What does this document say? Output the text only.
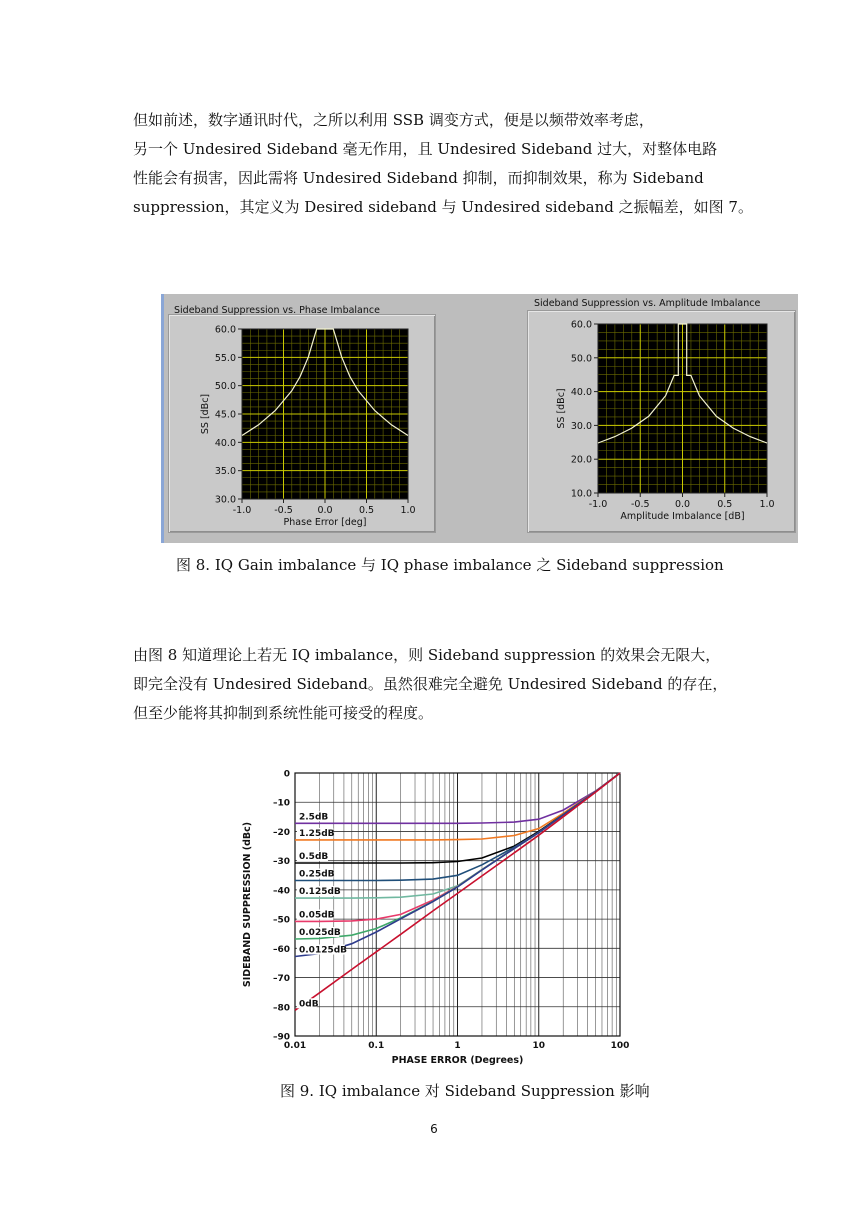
但如前述，数字通讯时代，之所以利用 SSB 调变方式，便是以频带效率考虑，
另一个 Undesired Sideband 毫无作用，且 Undesired Sideband 过大，对整体电路
性能会有损害，因此需将 Undesired Sideband 抑制，而抑制效果，称为 Sideband
suppression，其定义为 Desired sideband 与 Undesired sideband 之振幅差，如图 7。
-1.0 -0.5	0.0	0.5	1.0
60.0
55.0
50.0
45.0
40.0
35.0
30.0
Phase Error [deg]
SS [dBc]
Sideband Suppression vs. Phase Imbalance
-1.0 -0.5	0.0	0.5	1.0
60.0
50.0
40.0
30.0
20.0
10.0
Amplitude Imbalance [dB]
SS [dBc]
Sideband Suppression vs. Amplitude Imbalance
图 8. IQ Gain imbalance 与 IQ phase imbalance 之 Sideband suppression
由图 8 知道理论上若无 IQ imbalance，则 Sideband suppression 的效果会无限大，
即完全没有 Undesired Sideband。虽然很难完全避免 Undesired Sideband 的存在，
但至少能将其抑制到系统性能可接受的程度。
0
–10
–20
–30
–40
–50
–60
–70
–80
–90
0.01	0.1	1	10	100
2.5dB
1.25dB
0.5dB
0.25dB
0.125dB
0.05dB
0.025dB
0.0125dB
0dB
PHASE ERROR (Degrees)
SIDEBAND SUPPRESSION (dBc)
图 9. IQ imbalance 对 Sideband Suppression 影响
6
